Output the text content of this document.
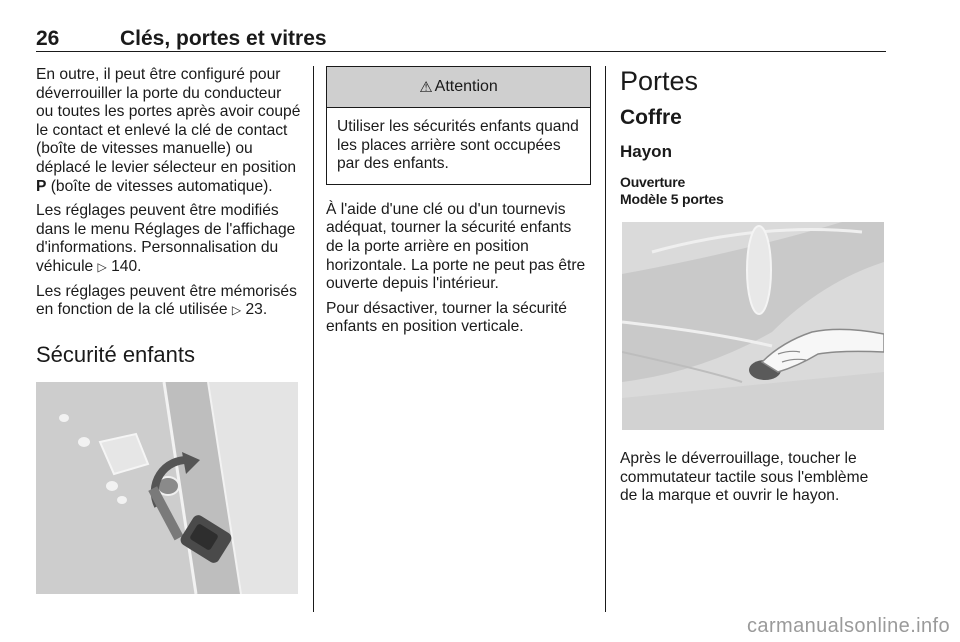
26	Clés, portes et vitres

En outre, il peut être configuré pour déverrouiller la porte du conducteur ou toutes les portes après avoir coupé le contact et enlevé la clé de contact (boîte de vitesses manuelle) ou déplacé le levier sélecteur en position P (boîte de vitesses automatique).

Les réglages peuvent être modifiés dans le menu Réglages de l'affichage d'informations. Personnalisation du véhicule ▷ 140.

Les réglages peuvent être mémorisés en fonction de la clé utilisée ▷ 23.

Sécurité enfants
⚠ Attention
Utiliser les sécurités enfants quand les places arrière sont occupées par des enfants.

À l'aide d'une clé ou d'un tournevis adéquat, tourner la sécurité enfants de la porte arrière en position horizontale. La porte ne peut pas être ouverte depuis l'intérieur.

Pour désactiver, tourner la sécurité enfants en position verticale.

Portes
Coffre
Hayon
Ouverture
Modèle 5 portes

Après le déverrouillage, toucher le commutateur tactile sous l'emblème de la marque et ouvrir le hayon.

carmanualsonline.info
